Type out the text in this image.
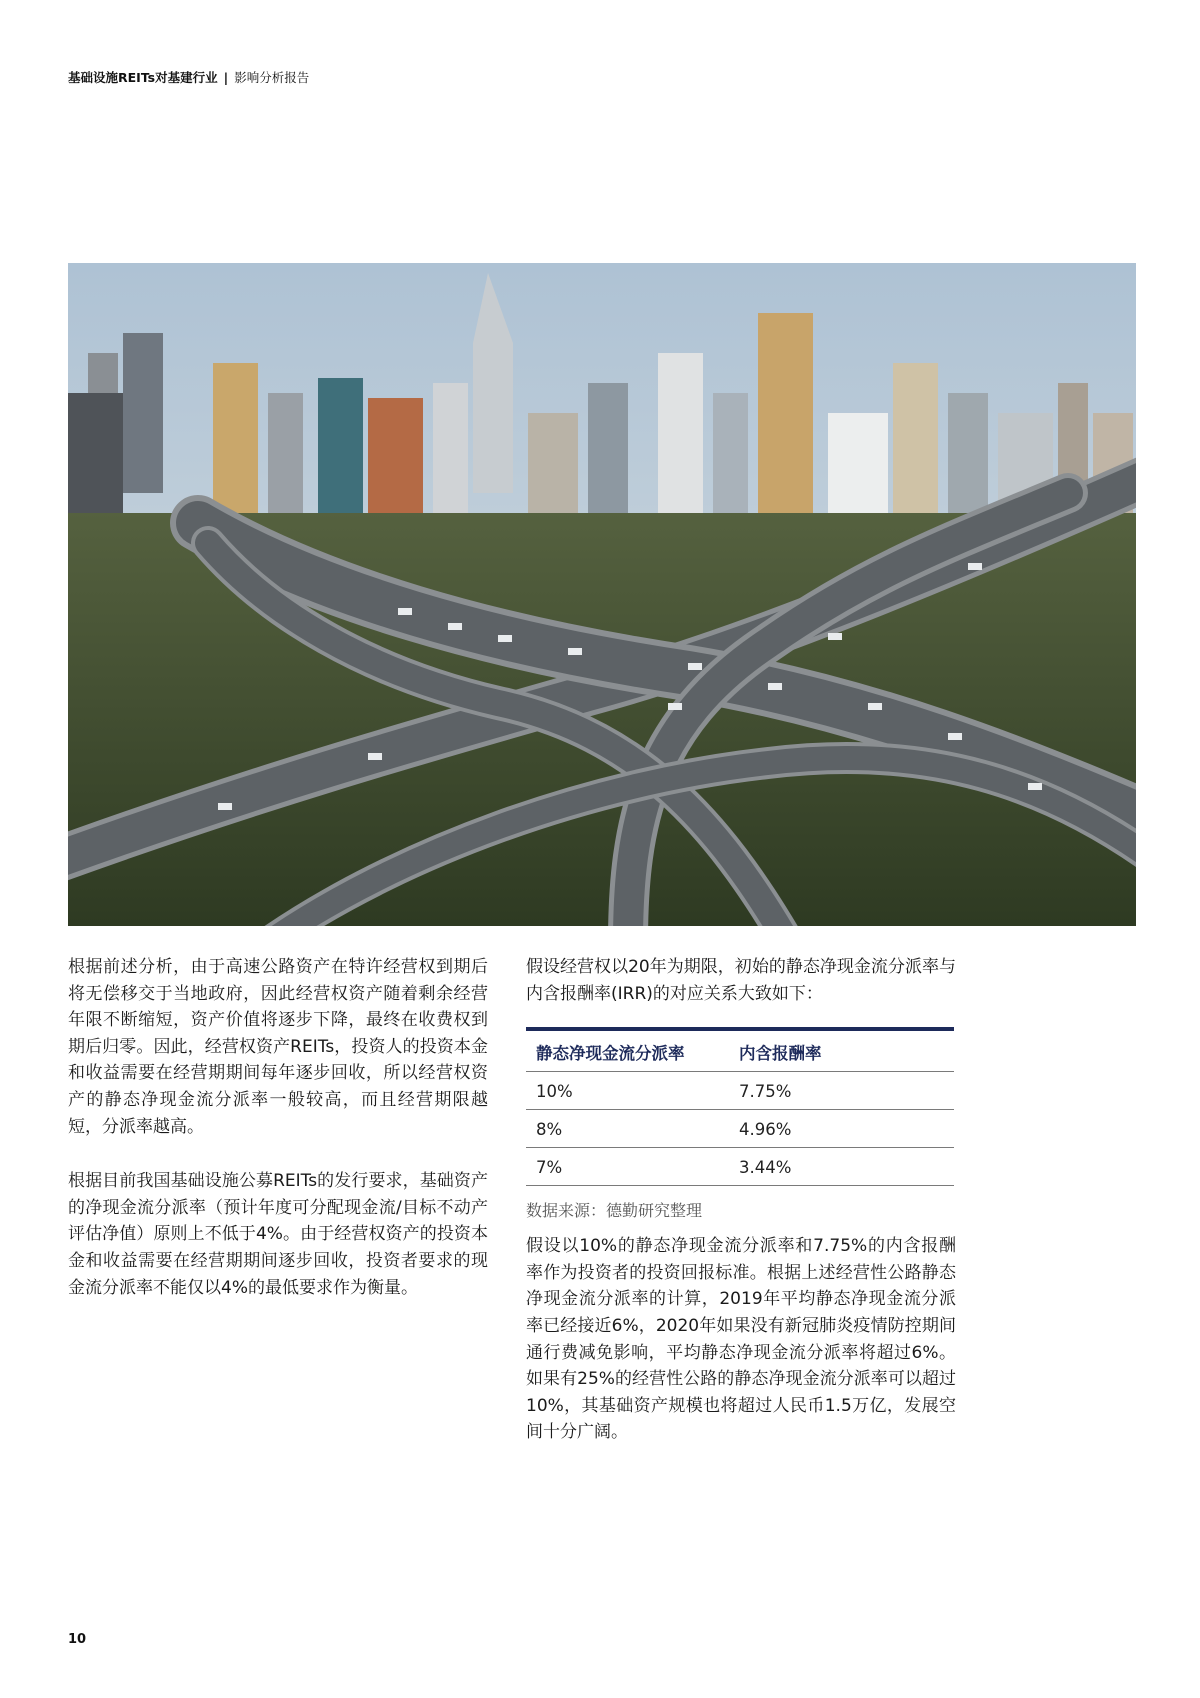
基础设施REITs对基建行业 | 影响分析报告

根据前述分析，由于高速公路资产在特许经营权到期后将无偿移交于当地政府，因此经营权资产随着剩余经营年限不断缩短，资产价值将逐步下降，最终在收费权到期后归零。因此，经营权资产REITs，投资人的投资本金和收益需要在经营期期间每年逐步回收，所以经营权资产的静态净现金流分派率一般较高，而且经营期限越短，分派率越高。

根据目前我国基础设施公募REITs的发行要求，基础资产的净现金流分派率（预计年度可分配现金流/目标不动产评估净值）原则上不低于4%。由于经营权资产的投资本金和收益需要在经营期期间逐步回收，投资者要求的现金流分派率不能仅以4%的最低要求作为衡量。

假设经营权以20年为期限，初始的静态净现金流分派率与内含报酬率(IRR)的对应关系大致如下：

静态净现金流分派率	内含报酬率
10%	7.75%
8%	4.96%
7%	3.44%
数据来源：德勤研究整理

假设以10%的静态净现金流分派率和7.75%的内含报酬率作为投资者的投资回报标准。根据上述经营性公路静态净现金流分派率的计算，2019年平均静态净现金流分派率已经接近6%，2020年如果没有新冠肺炎疫情防控期间通行费减免影响，平均静态净现金流分派率将超过6%。如果有25%的经营性公路的静态净现金流分派率可以超过10%，其基础资产规模也将超过人民币1.5万亿，发展空间十分广阔。

10
